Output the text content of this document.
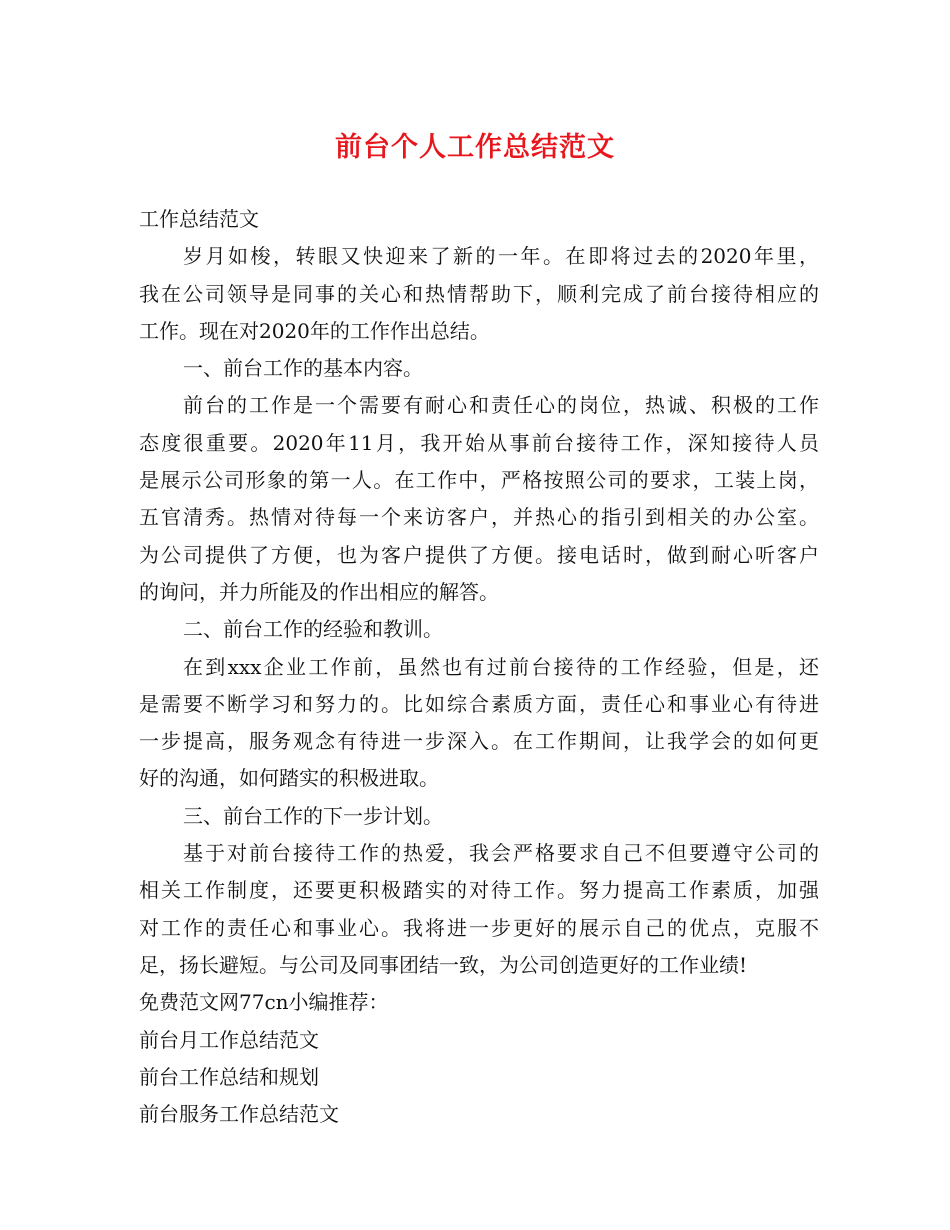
前台个人工作总结范文
工作总结范文
岁月如梭，转眼又快迎来了新的一年。在即将过去的2020年里，
我在公司领导是同事的关心和热情帮助下，顺利完成了前台接待相应的
工作。现在对2020年的工作作出总结。
一、前台工作的基本内容。
前台的工作是一个需要有耐心和责任心的岗位，热诚、积极的工作
态度很重要。2020年11月，我开始从事前台接待工作，深知接待人员
是展示公司形象的第一人。在工作中，严格按照公司的要求，工装上岗，
五官清秀。热情对待每一个来访客户，并热心的指引到相关的办公室。
为公司提供了方便，也为客户提供了方便。接电话时，做到耐心听客户
的询问，并力所能及的作出相应的解答。
二、前台工作的经验和教训。
在到xxx企业工作前，虽然也有过前台接待的工作经验，但是，还
是需要不断学习和努力的。比如综合素质方面，责任心和事业心有待进
一步提高，服务观念有待进一步深入。在工作期间，让我学会的如何更
好的沟通，如何踏实的积极进取。
三、前台工作的下一步计划。
基于对前台接待工作的热爱，我会严格要求自己不但要遵守公司的
相关工作制度，还要更积极踏实的对待工作。努力提高工作素质，加强
对工作的责任心和事业心。我将进一步更好的展示自己的优点，克服不
足，扬长避短。与公司及同事团结一致，为公司创造更好的工作业绩!
免费范文网77cn小编推荐：
前台月工作总结范文
前台工作总结和规划
前台服务工作总结范文
